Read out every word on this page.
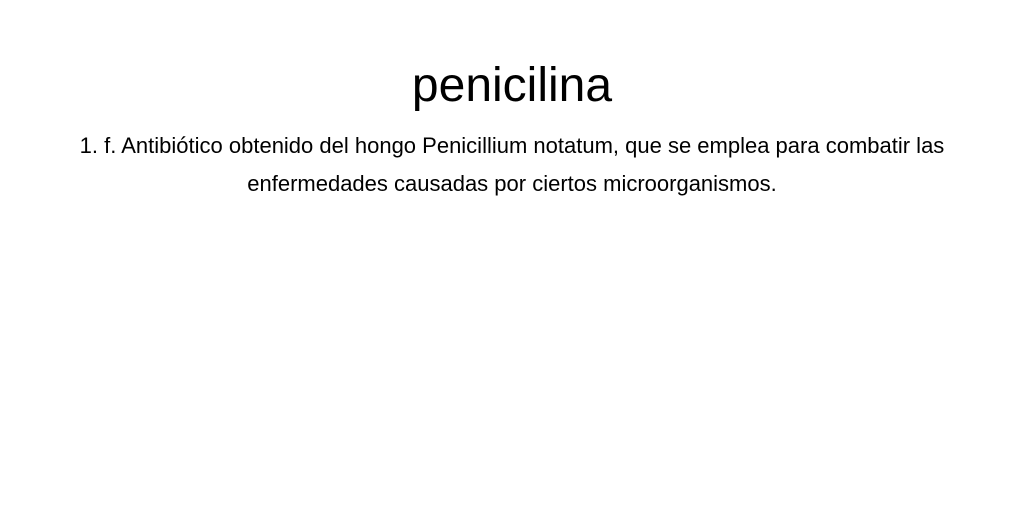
penicilina

1. f. Antibiótico obtenido del hongo Penicillium notatum, que se emplea para combatir las enfermedades causadas por ciertos microorganismos.
